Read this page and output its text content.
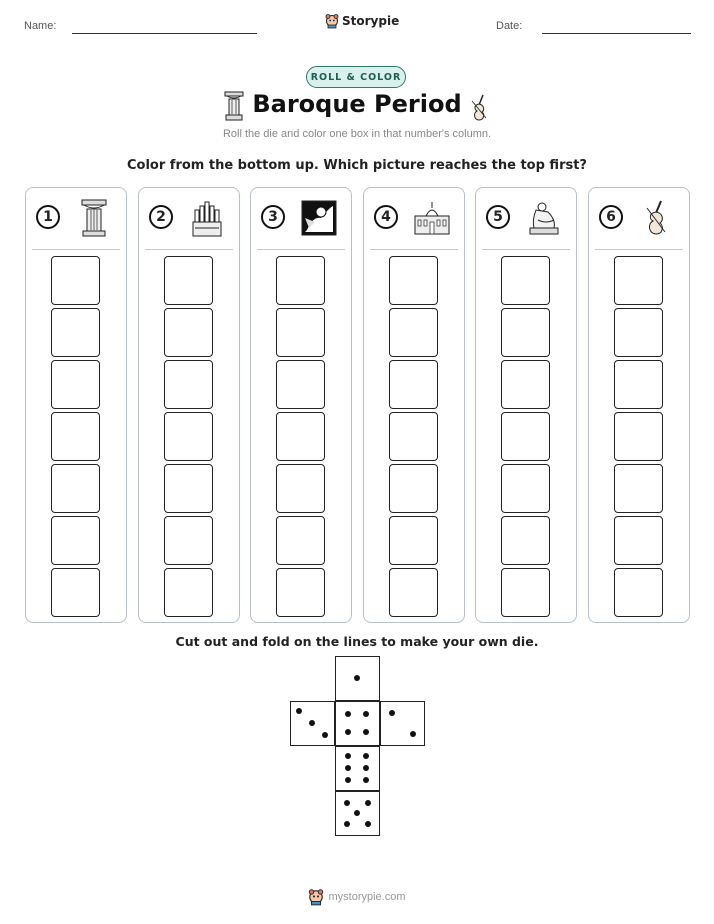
Name:	Storypie	Date:
ROLL & COLOR
Baroque Period
Roll the die and color one box in that number's column.
Color from the bottom up. Which picture reaches the top first?
1	2	3	4	5	6
Cut out and fold on the lines to make your own die.
mystorypie.com
